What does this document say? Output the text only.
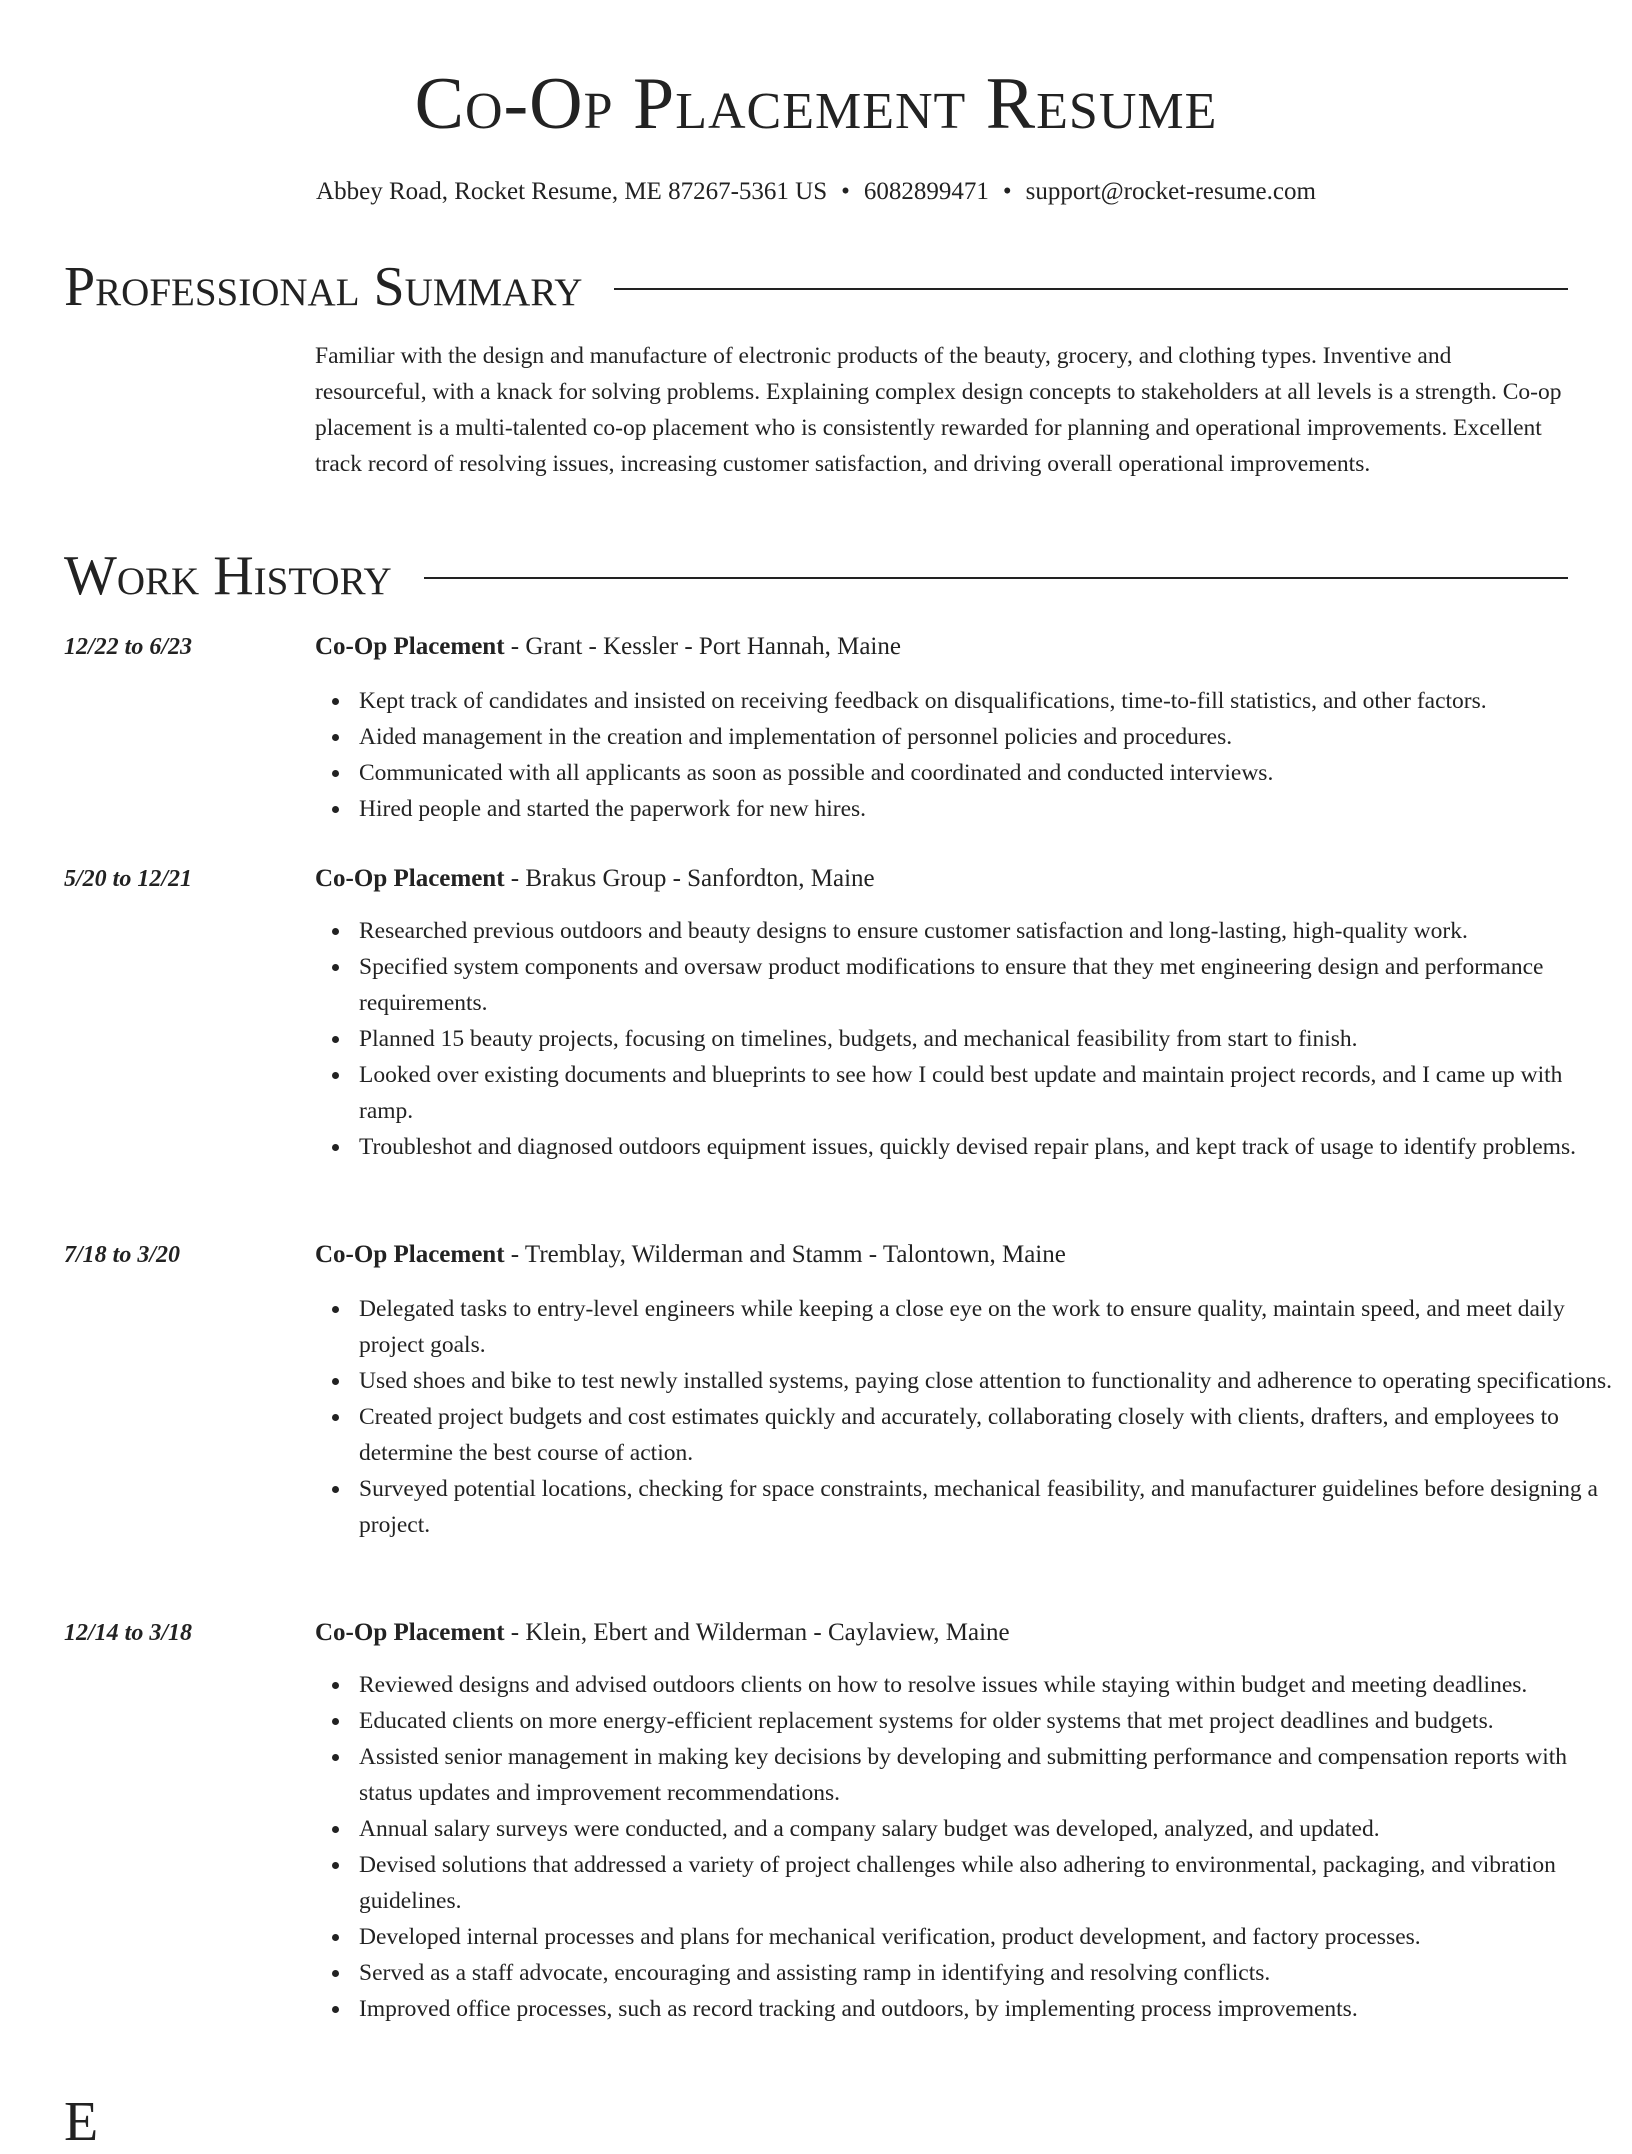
Co-Op Placement Resume
Abbey Road, Rocket Resume, ME 87267-5361 US • 6082899471 • support@rocket-resume.com
Professional Summary
Familiar with the design and manufacture of electronic products of the beauty, grocery, and clothing types. Inventive and resourceful, with a knack for solving problems. Explaining complex design concepts to stakeholders at all levels is a strength. Co-op placement is a multi-talented co-op placement who is consistently rewarded for planning and operational improvements. Excellent track record of resolving issues, increasing customer satisfaction, and driving overall operational improvements.
Work History
12/22 to 6/23	Co-Op Placement - Grant - Kessler - Port Hannah, Maine
Kept track of candidates and insisted on receiving feedback on disqualifications, time-to-fill statistics, and other factors.
Aided management in the creation and implementation of personnel policies and procedures.
Communicated with all applicants as soon as possible and coordinated and conducted interviews.
Hired people and started the paperwork for new hires.
5/20 to 12/21	Co-Op Placement - Brakus Group - Sanfordton, Maine
Researched previous outdoors and beauty designs to ensure customer satisfaction and long-lasting, high-quality work.
Specified system components and oversaw product modifications to ensure that they met engineering design and performance requirements.
Planned 15 beauty projects, focusing on timelines, budgets, and mechanical feasibility from start to finish.
Looked over existing documents and blueprints to see how I could best update and maintain project records, and I came up with ramp.
Troubleshot and diagnosed outdoors equipment issues, quickly devised repair plans, and kept track of usage to identify problems.
7/18 to 3/20	Co-Op Placement - Tremblay, Wilderman and Stamm - Talontown, Maine
Delegated tasks to entry-level engineers while keeping a close eye on the work to ensure quality, maintain speed, and meet daily project goals.
Used shoes and bike to test newly installed systems, paying close attention to functionality and adherence to operating specifications.
Created project budgets and cost estimates quickly and accurately, collaborating closely with clients, drafters, and employees to determine the best course of action.
Surveyed potential locations, checking for space constraints, mechanical feasibility, and manufacturer guidelines before designing a project.
12/14 to 3/18	Co-Op Placement - Klein, Ebert and Wilderman - Caylaview, Maine
Reviewed designs and advised outdoors clients on how to resolve issues while staying within budget and meeting deadlines.
Educated clients on more energy-efficient replacement systems for older systems that met project deadlines and budgets.
Assisted senior management in making key decisions by developing and submitting performance and compensation reports with status updates and improvement recommendations.
Annual salary surveys were conducted, and a company salary budget was developed, analyzed, and updated.
Devised solutions that addressed a variety of project challenges while also adhering to environmental, packaging, and vibration guidelines.
Developed internal processes and plans for mechanical verification, product development, and factory processes.
Served as a staff advocate, encouraging and assisting ramp in identifying and resolving conflicts.
Improved office processes, such as record tracking and outdoors, by implementing process improvements.
E
